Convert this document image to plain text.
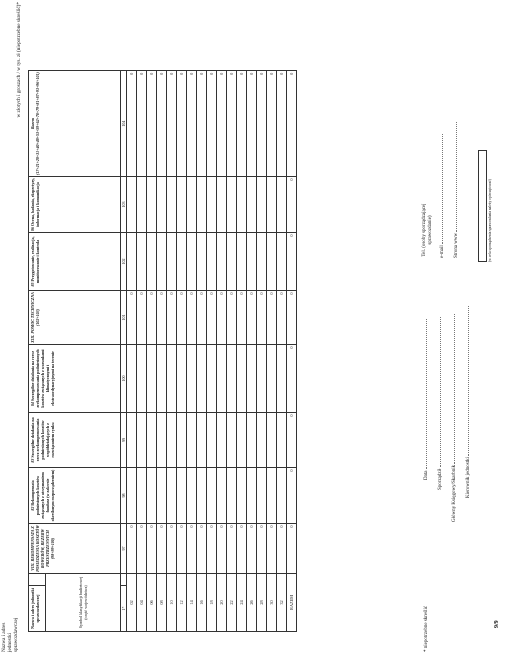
Nazwa i adres jednostki sprawozdawczej
w złotych i groszach / w tys. zł (niepotrzebne skreślić)*
Nazwa i adres jednostki sprawozdawczej		VIII. REKOMPENSATA Z POSIEDZENIA KOSZTÓW ROWERÓW, REZERW PRZESTRZENNYCH (98+99+100)	82 Rekompensata podniesionych kosztów związanych z utrzymaniem fundusz (w zakresie określonym rozporządzeniem)	83 Szczególne działania na rzecz zrekompensowania podniesionych kosztów współdziałających z rozwiązaniem rynku	84 Szczególne działania na rzecz zrekompensowania podniesionych kosztów związanych z warunkami klimatycznymi i ekstraordynaryjnymi na terenie	XIII. POMOC TECHNICZNA (102+103)	85 Przygotowanie, realizacja, monitorowanie i kontrola	86 Ocena, badania, ekspertyzy, informacja i komunikacja	Razem (17+21+28+31+40+48+53+59+62+70+79+81+87+93+96+101)

Symbol klasyfikacji budżetowej (część województwa)									
1*		97	98	99	100	101	102	103	104
02		0				0			0
04		0				0			0
06		0				0			0
08		0				0			0
10		0				0			0
12		0				0			0
14		0				0			0
16		0				0			0
18		0				0			0
20		0				0			0
22		0				0			0
24		0				0			0
26		0				0			0
28		0				0			0
30		0				0			0
32		0				0			0
RAZEM		0	0	0	0	0	0	0	0
* niepotrzebne skreślić
Data	Sporządził	Główny Księgowy/Skarbnik	Kierownik jednostki
Tel. (osoby sporządzającej sprawozdanie)
e-mail	Strona www	(w celu sporządzenia sprawozdania należy opieczętować)
9/9
